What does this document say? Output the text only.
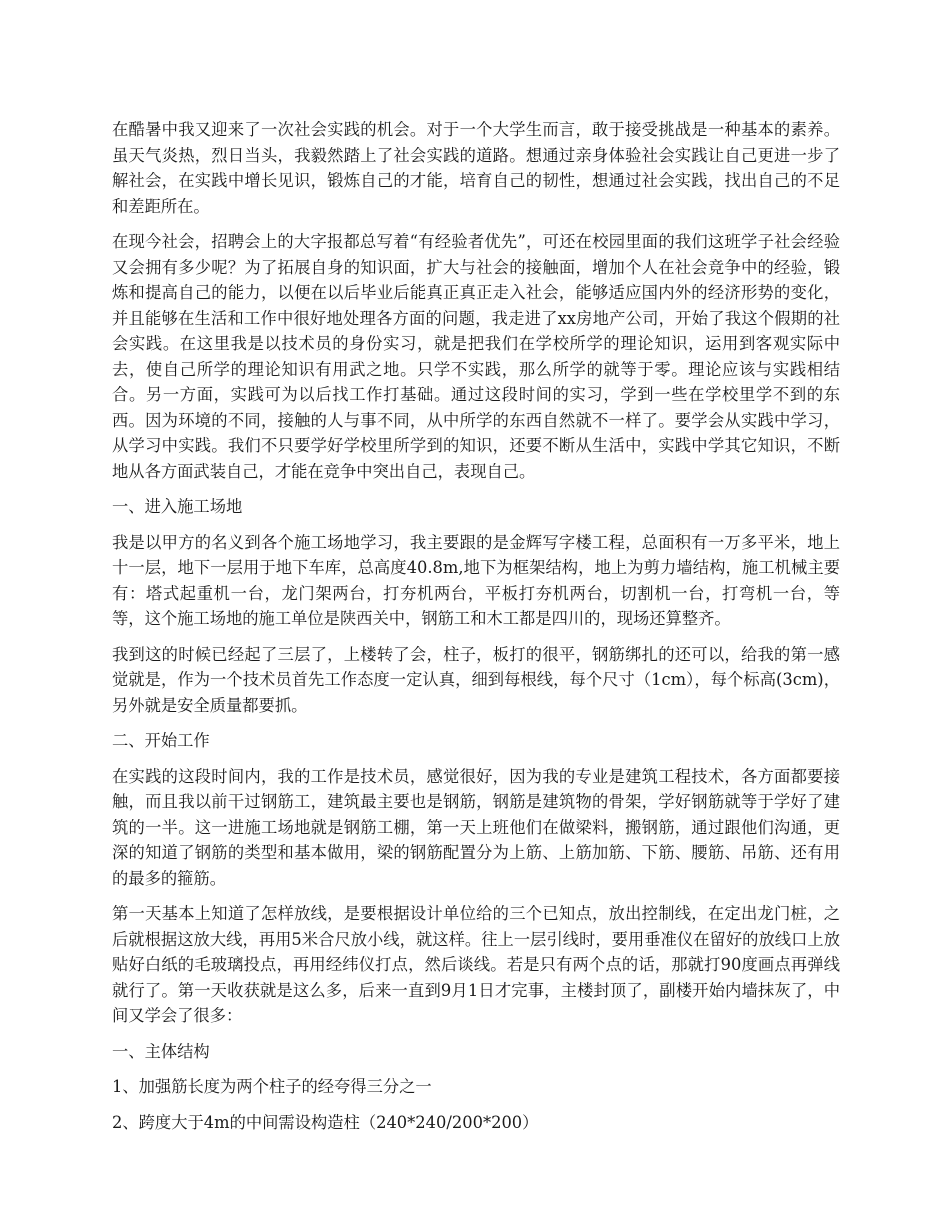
在酷暑中我又迎来了一次社会实践的机会。对于一个大学生而言，敢于接受挑战是一种基本的素养。虽天气炎热，烈日当头，我毅然踏上了社会实践的道路。想通过亲身体验社会实践让自己更进一步了解社会，在实践中增长见识，锻炼自己的才能，培育自己的韧性，想通过社会实践，找出自己的不足和差距所在。

在现今社会，招聘会上的大字报都总写着“有经验者优先”，可还在校园里面的我们这班学子社会经验又会拥有多少呢？为了拓展自身的知识面，扩大与社会的接触面，增加个人在社会竞争中的经验，锻炼和提高自己的能力，以便在以后毕业后能真正真正走入社会，能够适应国内外的经济形势的变化，并且能够在生活和工作中很好地处理各方面的问题，我走进了xx房地产公司，开始了我这个假期的社会实践。在这里我是以技术员的身份实习，就是把我们在学校所学的理论知识，运用到客观实际中去，使自己所学的理论知识有用武之地。只学不实践，那么所学的就等于零。理论应该与实践相结合。另一方面，实践可为以后找工作打基础。通过这段时间的实习，学到一些在学校里学不到的东西。因为环境的不同，接触的人与事不同，从中所学的东西自然就不一样了。要学会从实践中学习，从学习中实践。我们不只要学好学校里所学到的知识，还要不断从生活中，实践中学其它知识，不断地从各方面武装自己，才能在竞争中突出自己，表现自己。

一、进入施工场地

我是以甲方的名义到各个施工场地学习，我主要跟的是金辉写字楼工程，总面积有一万多平米，地上十一层，地下一层用于地下车库，总高度40.8m,地下为框架结构，地上为剪力墙结构，施工机械主要有：塔式起重机一台，龙门架两台，打夯机两台，平板打夯机两台，切割机一台，打弯机一台，等等，这个施工场地的施工单位是陕西关中，钢筋工和木工都是四川的，现场还算整齐。

我到这的时候已经起了三层了，上楼转了会，柱子，板打的很平，钢筋绑扎的还可以，给我的第一感觉就是，作为一个技术员首先工作态度一定认真，细到每根线，每个尺寸（1cm），每个标高(3cm)，另外就是安全质量都要抓。

二、开始工作

在实践的这段时间内，我的工作是技术员，感觉很好，因为我的专业是建筑工程技术，各方面都要接触，而且我以前干过钢筋工，建筑最主要也是钢筋，钢筋是建筑物的骨架，学好钢筋就等于学好了建筑的一半。这一进施工场地就是钢筋工棚，第一天上班他们在做梁料，搬钢筋，通过跟他们沟通，更深的知道了钢筋的类型和基本做用，梁的钢筋配置分为上筋、上筋加筋、下筋、腰筋、吊筋、还有用的最多的箍筋。

第一天基本上知道了怎样放线，是要根据设计单位给的三个已知点，放出控制线，在定出龙门桩，之后就根据这放大线，再用5米合尺放小线，就这样。往上一层引线时，要用垂准仪在留好的放线口上放贴好白纸的毛玻璃投点，再用经纬仪打点，然后谈线。若是只有两个点的话，那就打90度画点再弹线就行了。第一天收获就是这么多，后来一直到9月1日才完事，主楼封顶了，副楼开始内墙抹灰了，中间又学会了很多：

一、主体结构

1、加强筋长度为两个柱子的经夸得三分之一

2、跨度大于4m的中间需设构造柱（240*240/200*200）
